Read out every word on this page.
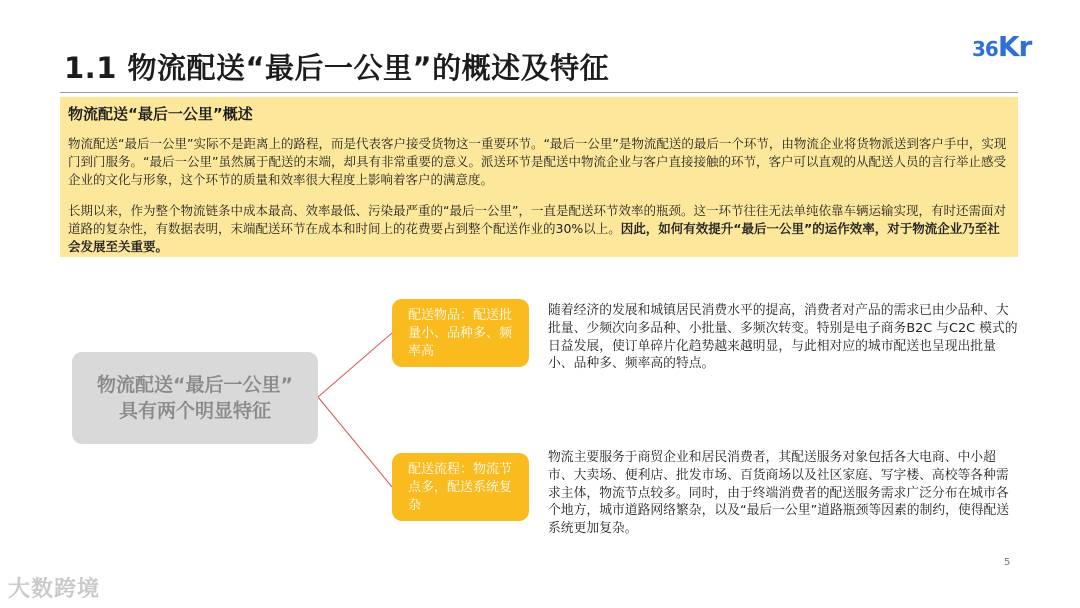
1.1 物流配送“最后一公里”的概述及特征
36Kr
物流配送“最后一公里”概述
物流配送“最后一公里”实际不是距离上的路程，而是代表客户接受货物这一重要环节。“最后一公里”是物流配送的最后一个环节，由物流企业将货物派送到客户手中，实现门到门服务。“最后一公里”虽然属于配送的末端，却具有非常重要的意义。派送环节是配送中物流企业与客户直接接触的环节，客户可以直观的从配送人员的言行举止感受企业的文化与形象，这个环节的质量和效率很大程度上影响着客户的满意度。
长期以来，作为整个物流链条中成本最高、效率最低、污染最严重的“最后一公里”，一直是配送环节效率的瓶颈。这一环节往往无法单纯依靠车辆运输实现，有时还需面对道路的复杂性，有数据表明，末端配送环节在成本和时间上的花费要占到整个配送作业的30%以上。因此，如何有效提升“最后一公里”的运作效率，对于物流企业乃至社会发展至关重要。
物流配送“最后一公里”
具有两个明显特征
配送物品：配送批量小、品种多、频率高
随着经济的发展和城镇居民消费水平的提高，消费者对产品的需求已由少品种、大批量、少频次向多品种、小批量、多频次转变。特别是电子商务B2C 与C2C 模式的日益发展，使订单碎片化趋势越来越明显，与此相对应的城市配送也呈现出批量小、品种多、频率高的特点。
配送流程：物流节点多，配送系统复杂
物流主要服务于商贸企业和居民消费者，其配送服务对象包括各大电商、中小超市、大卖场、便利店、批发市场、百货商场以及社区家庭、写字楼、高校等各种需求主体，物流节点较多。同时，由于终端消费者的配送服务需求广泛分布在城市各个地方，城市道路网络繁杂，以及“最后一公里”道路瓶颈等因素的制约，使得配送系统更加复杂。
5
大数跨境
